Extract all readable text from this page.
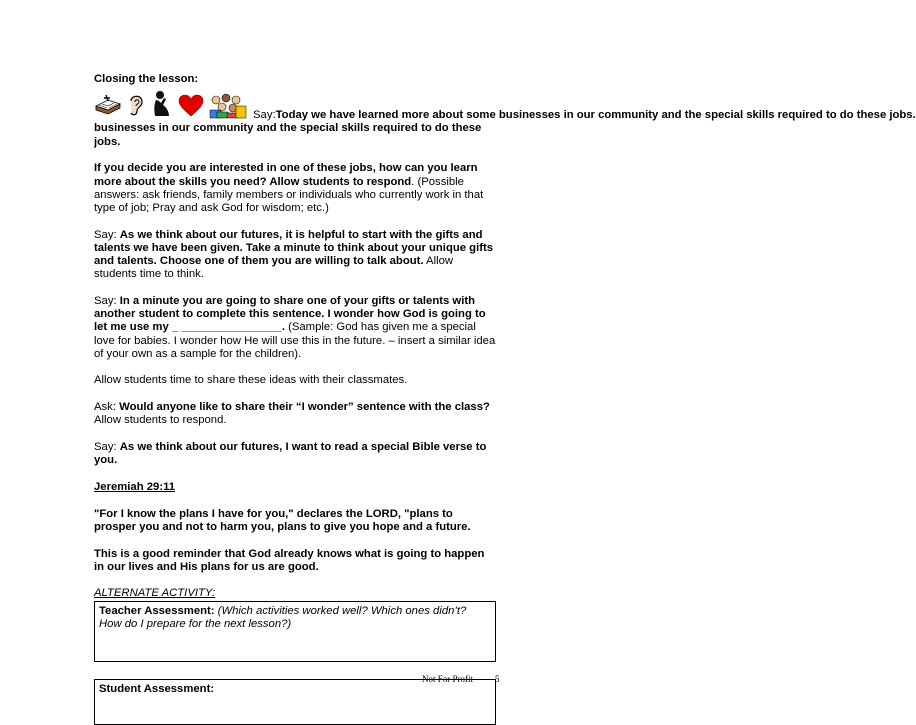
Closing the lesson:
Say: Today we have learned more about some businesses in our community and the special skills required to do these jobs.
businesses in our community and the special skills required to do these jobs.
If you decide you are interested in one of these jobs, how can you learn more about the skills you need? Allow students to respond. (Possible answers: ask friends, family members or individuals who currently work in that type of job; Pray and ask God for wisdom; etc.)
Say: As we think about our futures, it is helpful to start with the gifts and talents we have been given. Take a minute to think about your unique gifts and talents. Choose one of them you are willing to talk about. Allow students time to think.
Say: In a minute you are going to share one of your gifts or talents with another student to complete this sentence. I wonder how God is going to let me use my _ ________________. (Sample: God has given me a special love for babies. I wonder how He will use this in the future. – insert a similar idea of your own as a sample for the children).
Allow students time to share these ideas with their classmates.
Ask: Would anyone like to share their “I wonder” sentence with the class? Allow students to respond.
Say: As we think about our futures, I want to read a special Bible verse to you.
Jeremiah 29:11
"For I know the plans I have for you," declares the LORD, "plans to prosper you and not to harm you, plans to give you hope and a future.
This is a good reminder that God already knows what is going to happen in our lives and His plans for us are good.
ALTERNATE ACTIVITY:
Teacher Assessment: (Which activities worked well? Which ones didn’t? How do I prepare for the next lesson?)
Student Assessment:
Not For Profit 5
